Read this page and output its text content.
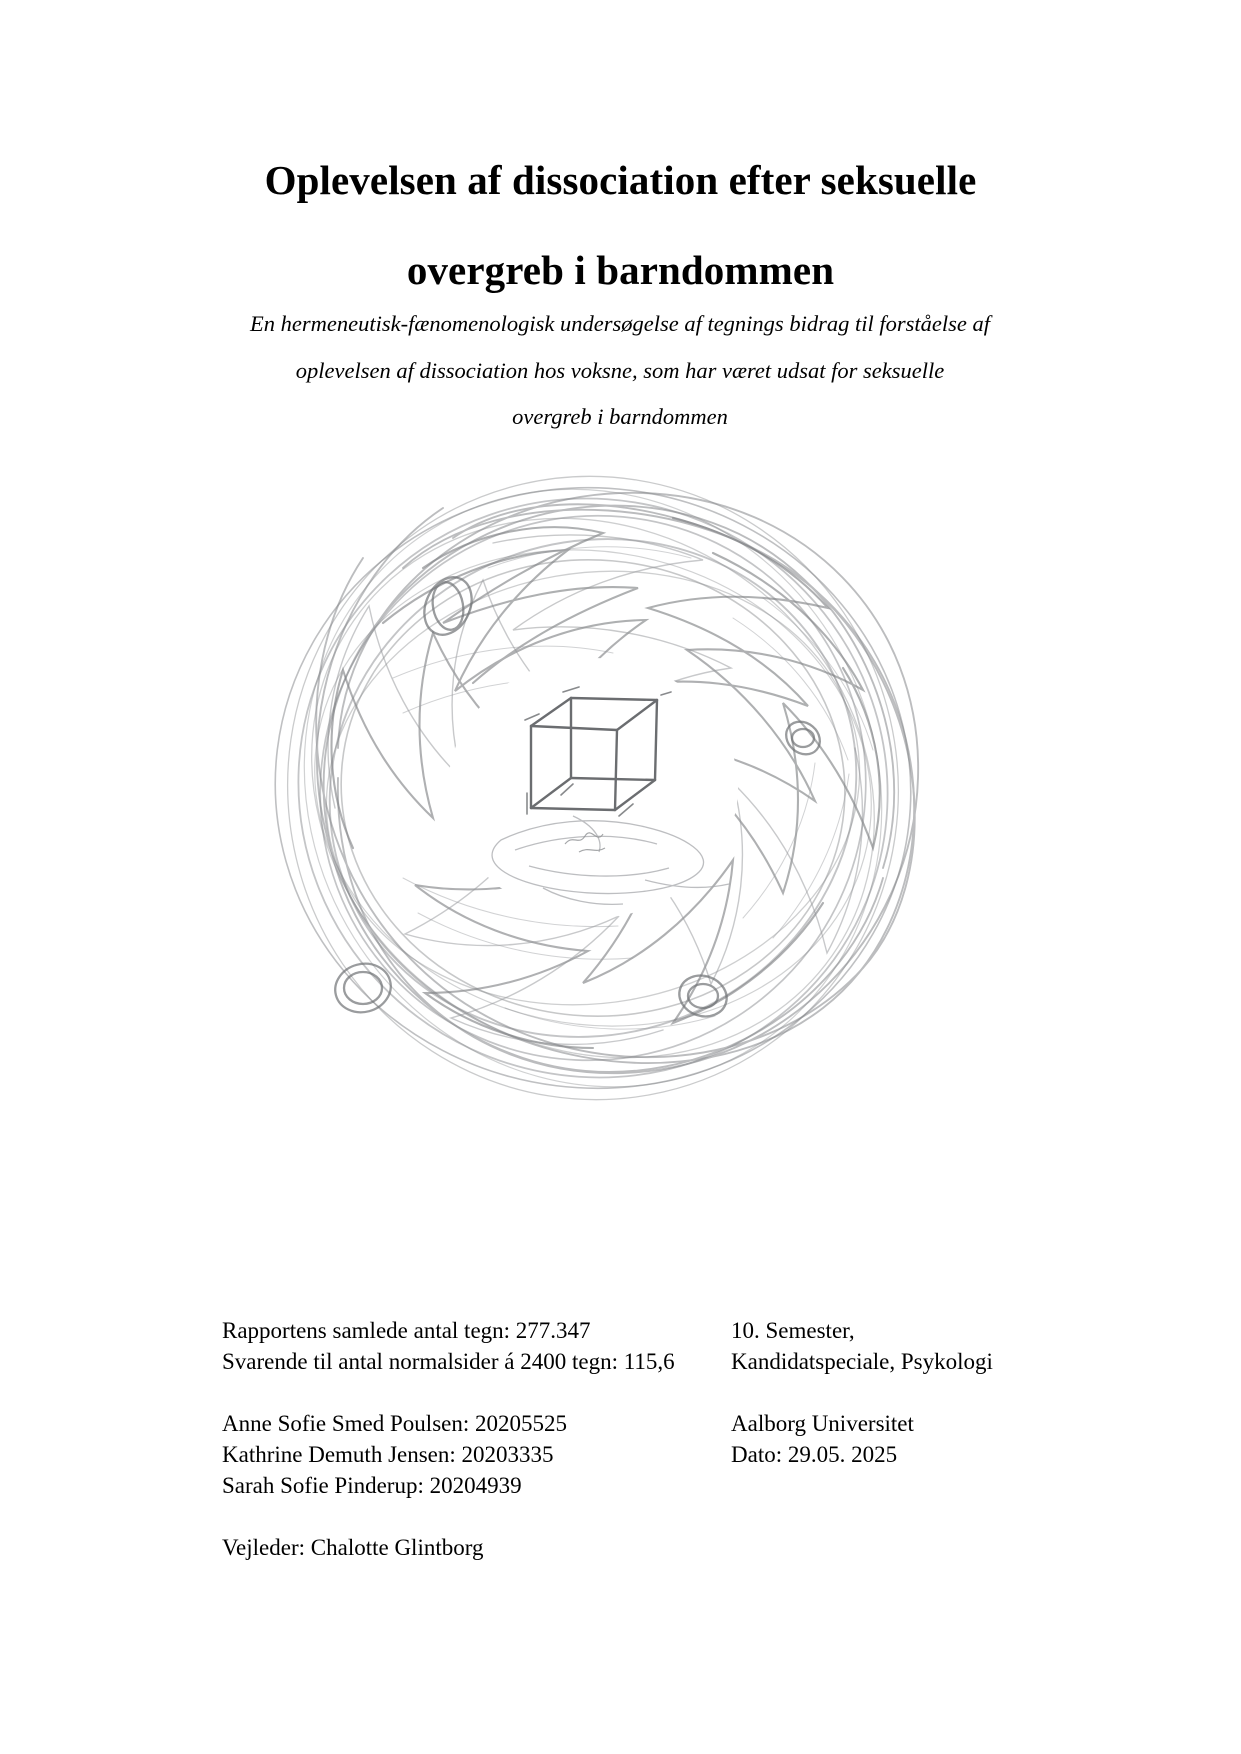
Oplevelsen af dissociation efter seksuelle
overgreb i barndommen
En hermeneutisk-fænomenologisk undersøgelse af tegnings bidrag til forståelse af
oplevelsen af dissociation hos voksne, som har været udsat for seksuelle
overgreb i barndommen
Rapportens samlede antal tegn: 277.347
Svarende til antal normalsider á 2400 tegn: 115,6
Anne Sofie Smed Poulsen: 20205525
Kathrine Demuth Jensen: 20203335
Sarah Sofie Pinderup: 20204939
Vejleder: Chalotte Glintborg
10. Semester,
Kandidatspeciale, Psykologi
Aalborg Universitet
Dato: 29.05. 2025
